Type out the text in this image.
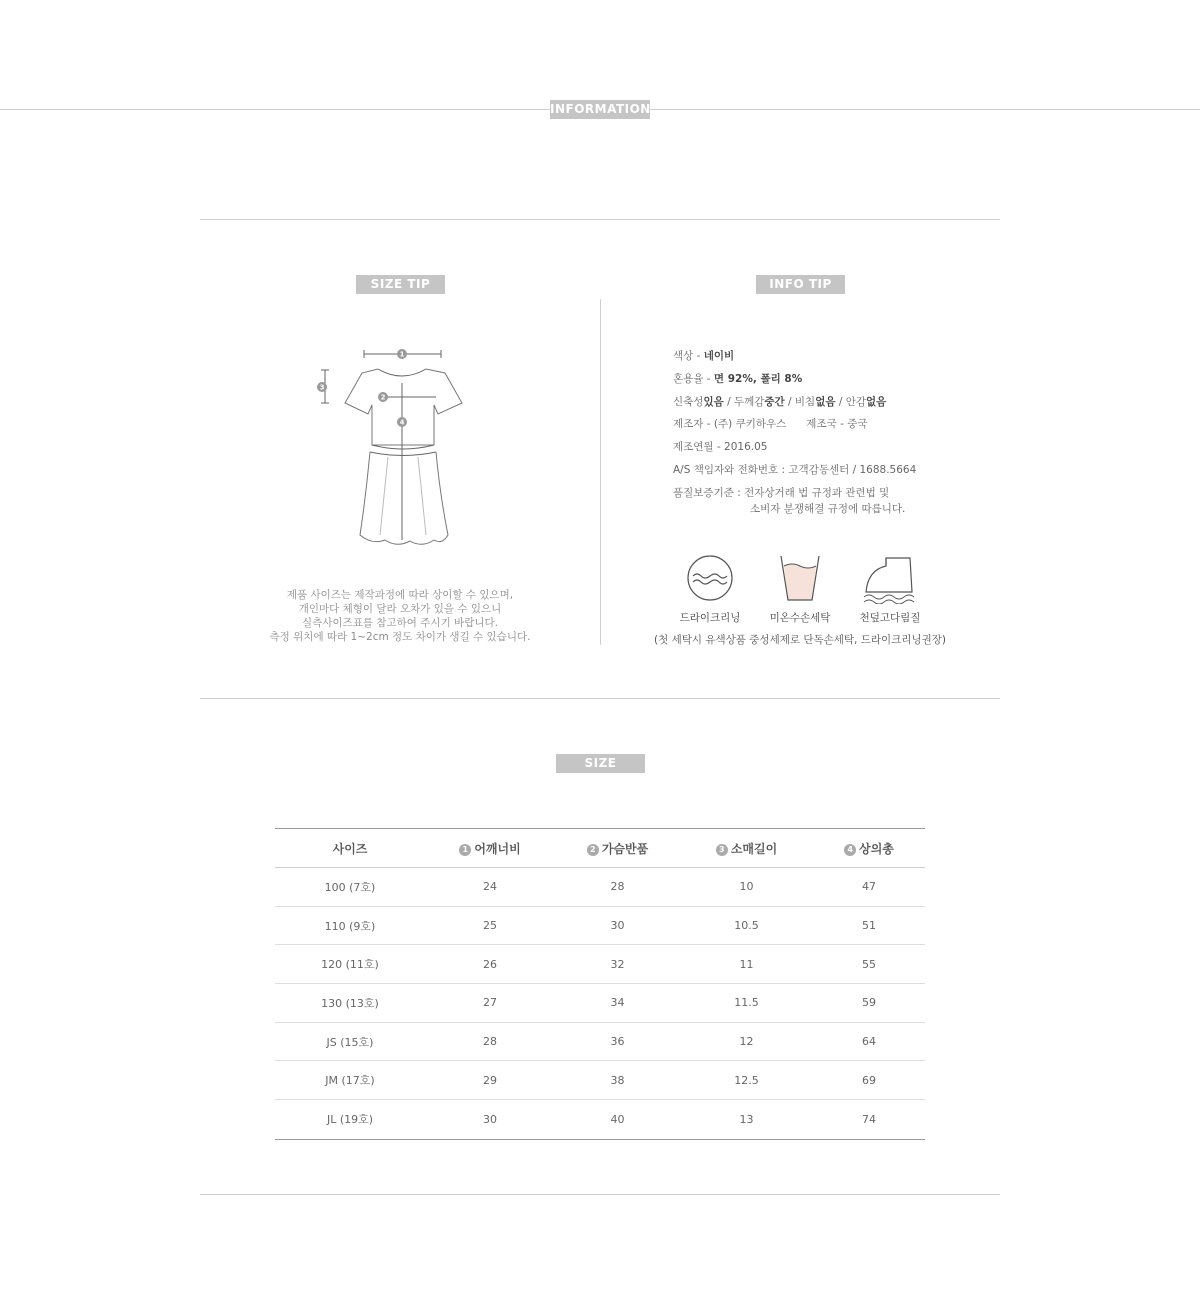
INFORMATION
SIZE TIP
1
2
3
4
제품 사이즈는 제작과정에 따라 상이할 수 있으며,
개인마다 체형이 달라 오차가 있을 수 있으니
실측사이즈표를 참고하여 주시기 바랍니다.
측정 위치에 따라 1~2cm 정도 차이가 생길 수 있습니다.
INFO TIP
색상 - 네이비
혼용율 - 면 92%, 폴리 8%
신축성있음 / 두께감중간 / 비침없음 / 안감없음
제조자 - (주) 쿠키하우스 제조국 - 중국
제조연월 - 2016.05
A/S 책임자와 전화번호 : 고객감동센터 / 1688.5664
품질보증기준 : 전자상거래 법 규정과 관련법 및
소비자 분쟁해결 규정에 따릅니다.
드라이크리닝	미온수손세탁	천덮고다림질
(첫 세탁시 유색상품 중성세제로 단독손세탁, 드라이크리닝권장)
SIZE
사이즈	1 어깨너비	2 가슴반품	3 소매길이	4 상의총
100 (7호)	24	28	10	47
110 (9호)	25	30	10.5	51
120 (11호)	26	32	11	55
130 (13호)	27	34	11.5	59
JS (15호)	28	36	12	64
JM (17호)	29	38	12.5	69
JL (19호)	30	40	13	74
